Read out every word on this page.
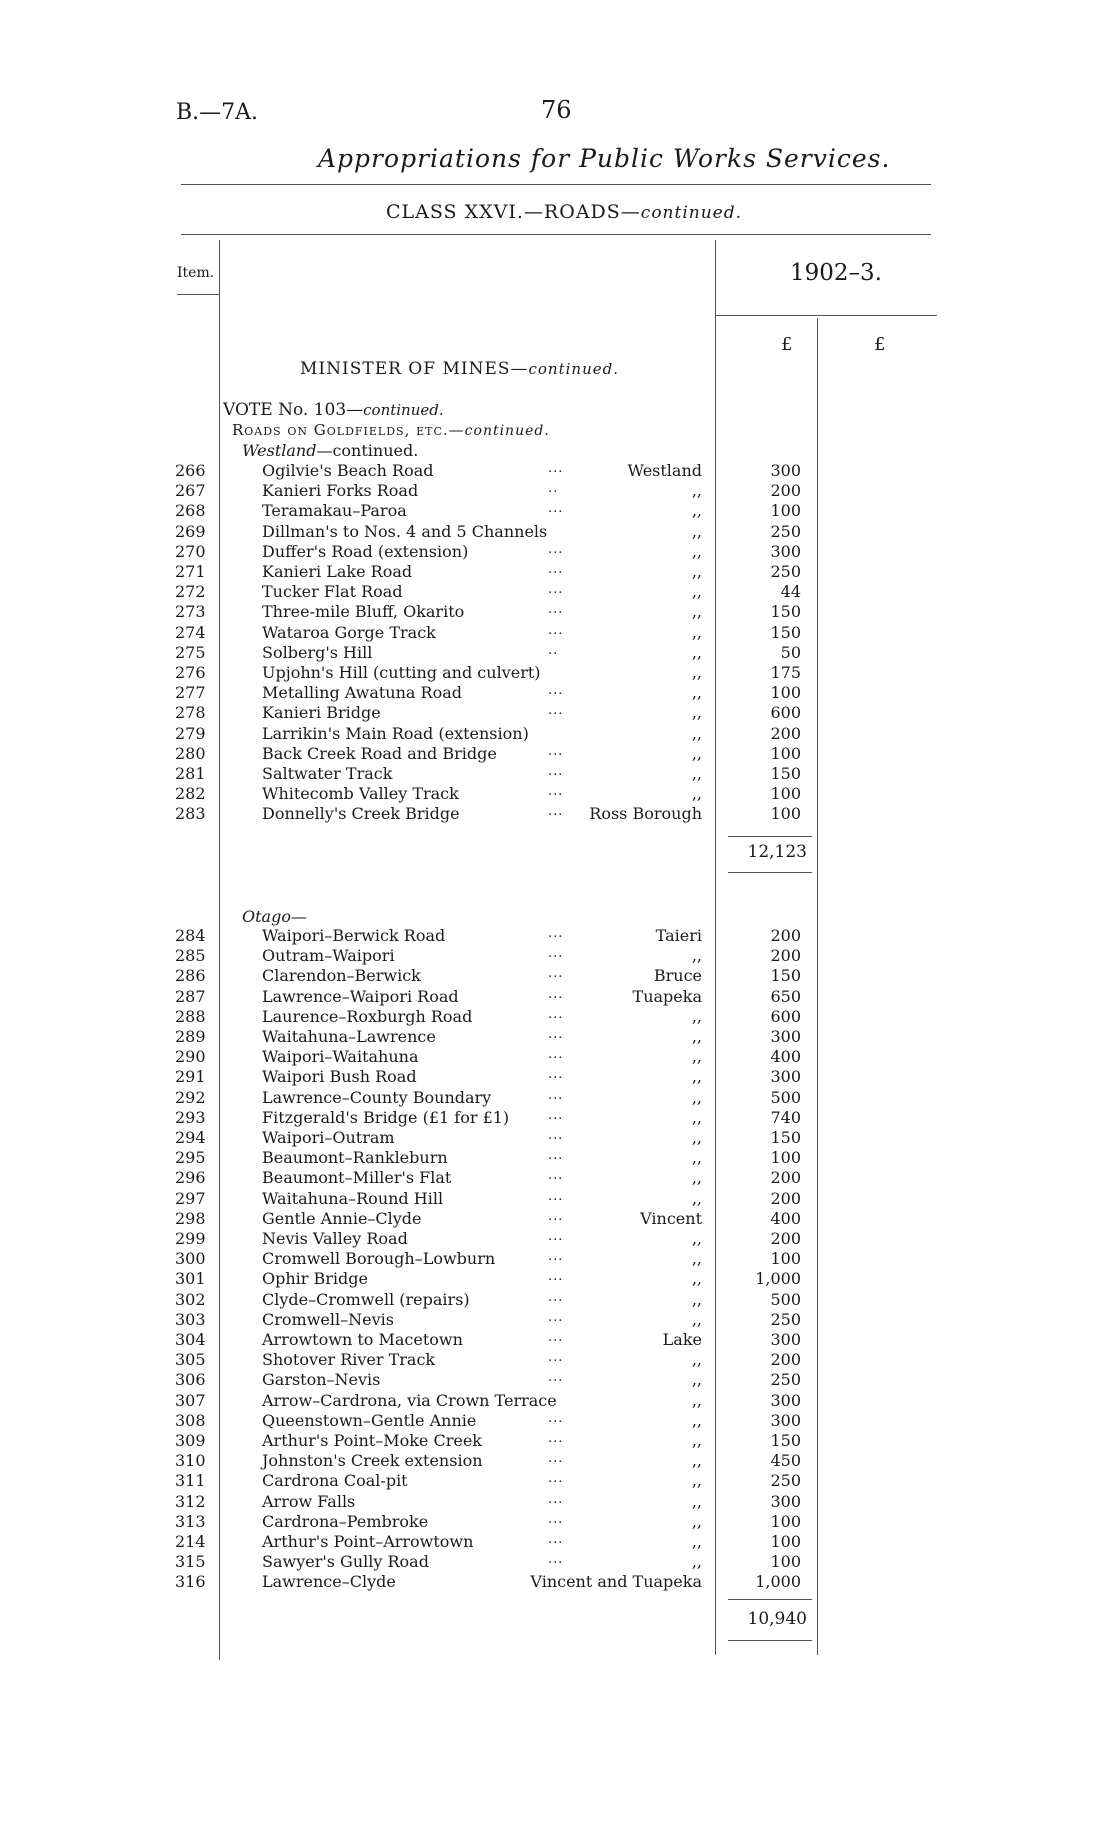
B.—7A.	76
Appropriations for Public Works Services.
CLASS XXVI.—ROADS—continued.
Item.	1902–3.
£	£
MINISTER OF MINES—continued.
VOTE No. 103—continued.
Roads on Goldfields, etc.—continued.
Westland—continued.
266	Ogilvie's Beach Road	...	Westland	300
267	Kanieri Forks Road	..	,,	200
268	Teramakau–Paroa	...	,,	100
269	Dillman's to Nos. 4 and 5 Channels	,,	250
270	Duffer's Road (extension)	...	,,	300
271	Kanieri Lake Road	...	,,	250
272	Tucker Flat Road	...	,,	44
273	Three-mile Bluff, Okarito	...	,,	150
274	Wataroa Gorge Track	...	,,	150
275	Solberg's Hill	..	,,	50
276	Upjohn's Hill (cutting and culvert)	,,	175
277	Metalling Awatuna Road	...	,,	100
278	Kanieri Bridge	...	,,	600
279	Larrikin's Main Road (extension)	,,	200
280	Back Creek Road and Bridge	...	,,	100
281	Saltwater Track	...	,,	150
282	Whitecomb Valley Track	...	,,	100
283	Donnelly's Creek Bridge	... Ross Borough	100
12,123
Otago—
284	Waipori–Berwick Road	...	Taieri	200
285	Outram–Waipori	...	,,	200
286	Clarendon–Berwick	...	Bruce	150
287	Lawrence–Waipori Road	...	Tuapeka	650
288	Laurence–Roxburgh Road	...	,,	600
289	Waitahuna–Lawrence	...	,,	300
290	Waipori–Waitahuna	...	,,	400
291	Waipori Bush Road	...	,,	300
292	Lawrence–County Boundary	...	,,	500
293	Fitzgerald's Bridge (£1 for £1)	...	,,	740
294	Waipori–Outram	...	,,	150
295	Beaumont–Rankleburn	...	,,	100
296	Beaumont–Miller's Flat	...	,,	200
297	Waitahuna–Round Hill	...	,,	200
298	Gentle Annie–Clyde	...	Vincent	400
299	Nevis Valley Road	...	,,	200
300	Cromwell Borough–Lowburn	...	,,	100
301	Ophir Bridge	...	,,	1,000
302	Clyde–Cromwell (repairs)	...	,,	500
303	Cromwell–Nevis	...	,,	250
304	Arrowtown to Macetown	...	Lake	300
305	Shotover River Track	...	,,	200
306	Garston–Nevis	...	,,	250
307	Arrow–Cardrona, via Crown Terrace	,,	300
308	Queenstown–Gentle Annie	...	,,	300
309	Arthur's Point–Moke Creek	...	,,	150
310	Johnston's Creek extension	...	,,	450
311	Cardrona Coal-pit	...	,,	250
312	Arrow Falls	...	,,	300
313	Cardrona–Pembroke	...	,,	100
214	Arthur's Point–Arrowtown	...	,,	100
315	Sawyer's Gully Road	...	,,	100
316	Lawrence–Clyde	Vincent and Tuapeka	1,000
10,940
